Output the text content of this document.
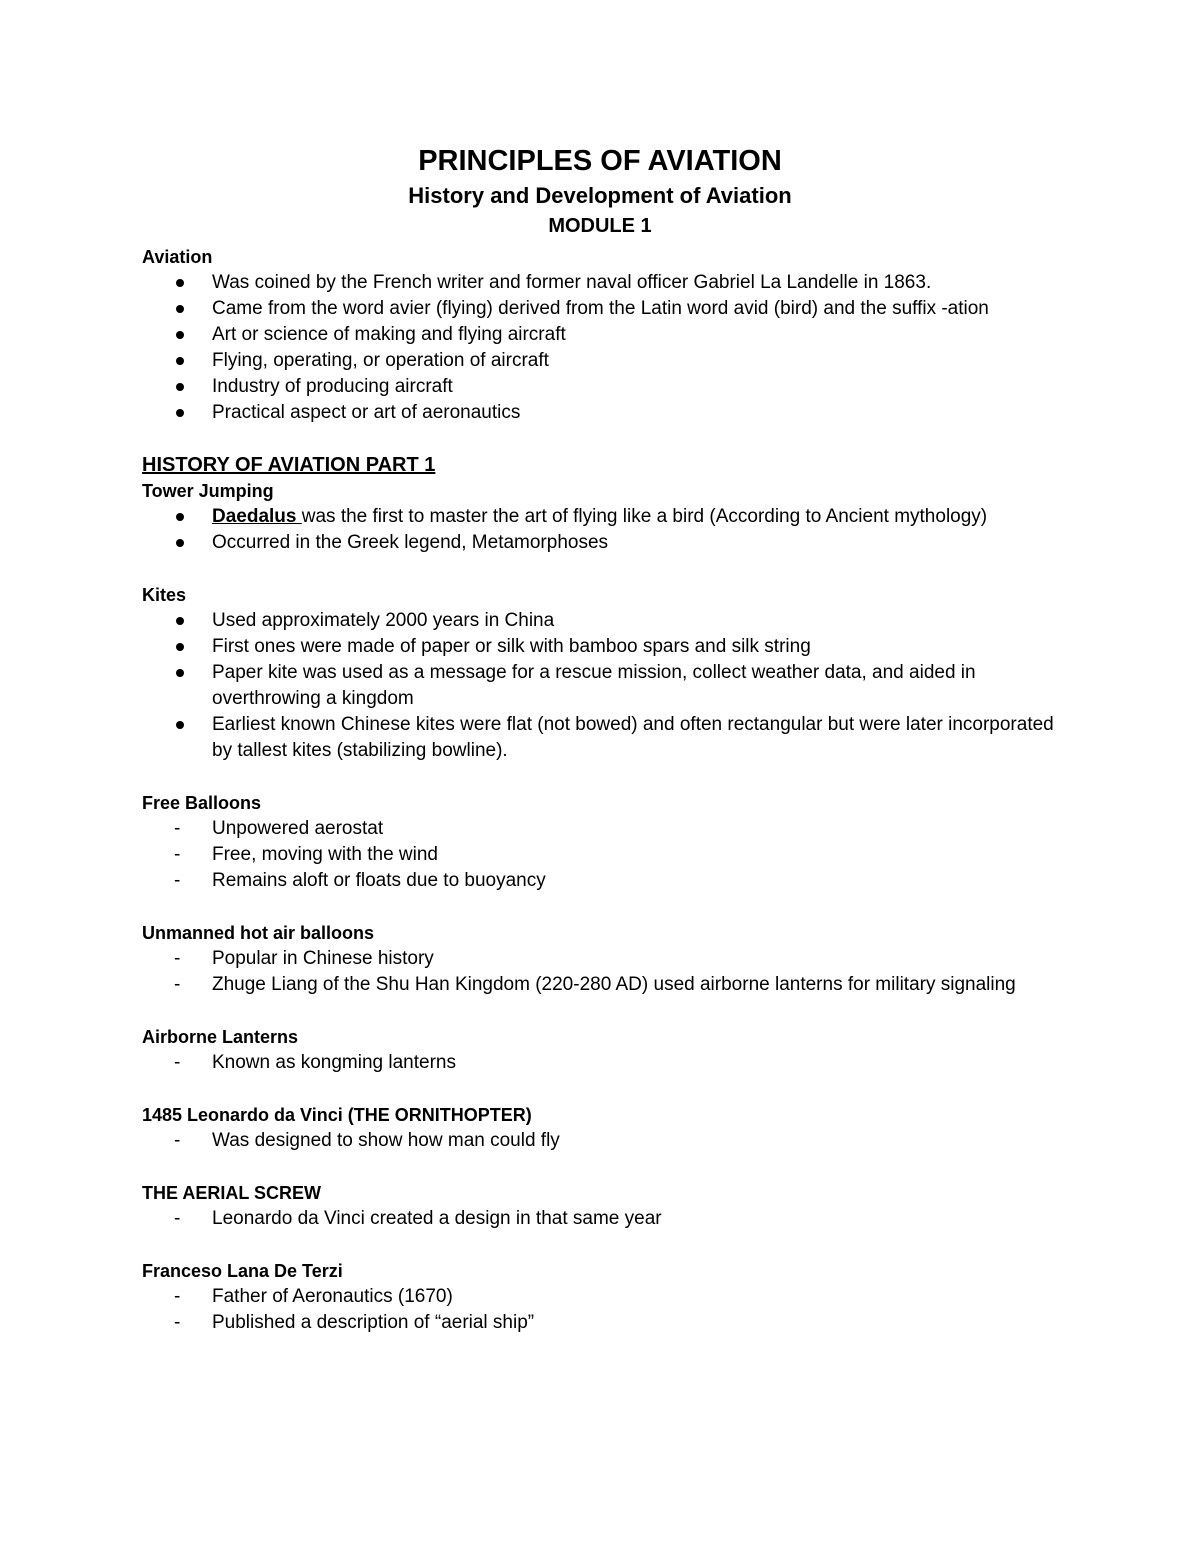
PRINCIPLES OF AVIATION

History and Development of Aviation

MODULE 1

Aviation

Was coined by the French writer and former naval officer Gabriel La Landelle in 1863.
Came from the word avier (flying) derived from the Latin word avid (bird) and the suffix -ation
Art or science of making and flying aircraft
Flying, operating, or operation of aircraft
Industry of producing aircraft
Practical aspect or art of aeronautics

HISTORY OF AVIATION PART 1

Tower Jumping

Daedalus was the first to master the art of flying like a bird (According to Ancient mythology)
Occurred in the Greek legend, Metamorphoses

Kites

Used approximately 2000 years in China
First ones were made of paper or silk with bamboo spars and silk string
Paper kite was used as a message for a rescue mission, collect weather data, and aided in overthrowing a kingdom
Earliest known Chinese kites were flat (not bowed) and often rectangular but were later incorporated by tallest kites (stabilizing bowline).

Free Balloons

- Unpowered aerostat
- Free, moving with the wind
- Remains aloft or floats due to buoyancy

Unmanned hot air balloons

- Popular in Chinese history
- Zhuge Liang of the Shu Han Kingdom (220-280 AD) used airborne lanterns for military signaling

Airborne Lanterns

- Known as kongming lanterns

1485 Leonardo da Vinci (THE ORNITHOPTER)

- Was designed to show how man could fly

THE AERIAL SCREW

- Leonardo da Vinci created a design in that same year

Franceso Lana De Terzi

- Father of Aeronautics (1670)
- Published a description of “aerial ship”
